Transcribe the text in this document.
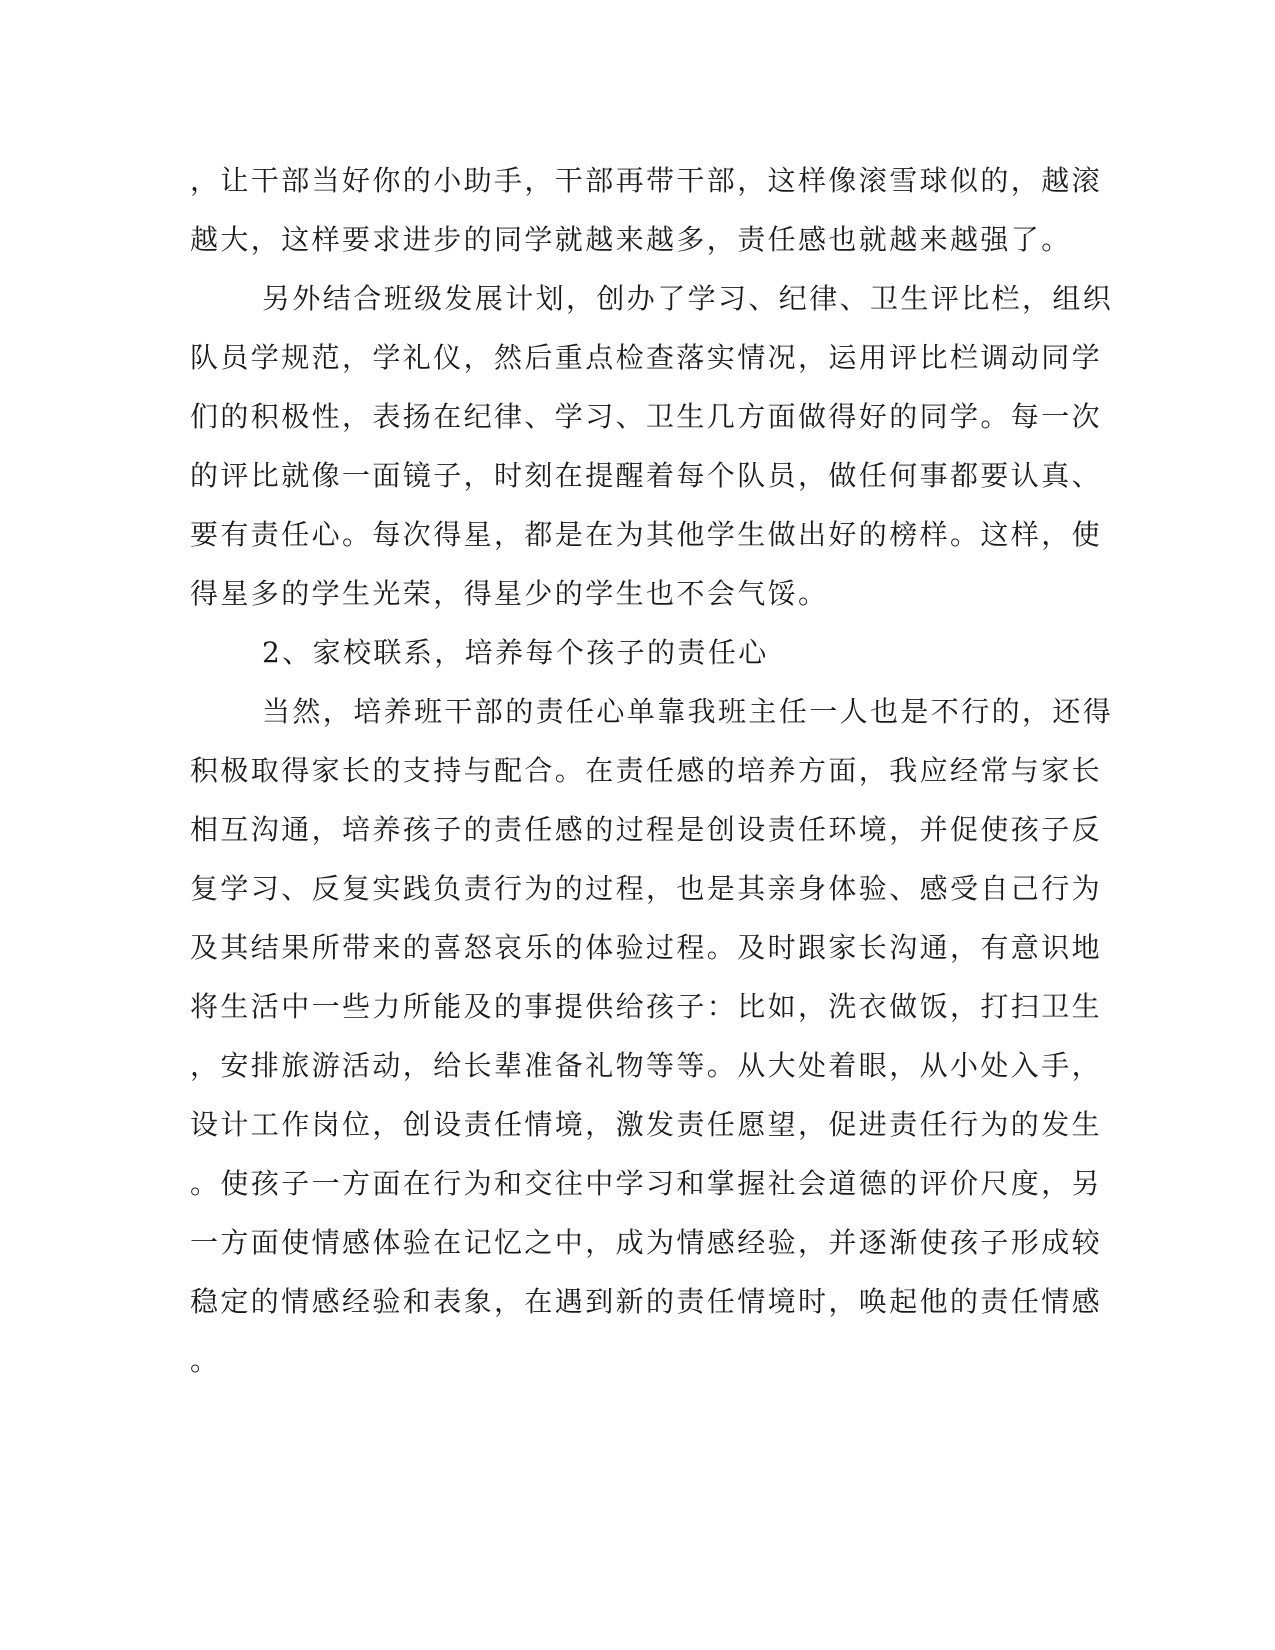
，让干部当好你的小助手，干部再带干部，这样像滚雪球似的，越滚
越大，这样要求进步的同学就越来越多，责任感也就越来越强了。
另外结合班级发展计划，创办了学习、纪律、卫生评比栏，组织
队员学规范，学礼仪，然后重点检查落实情况，运用评比栏调动同学
们的积极性，表扬在纪律、学习、卫生几方面做得好的同学。每一次
的评比就像一面镜子，时刻在提醒着每个队员，做任何事都要认真、
要有责任心。每次得星，都是在为其他学生做出好的榜样。这样，使
得星多的学生光荣，得星少的学生也不会气馁。
2、家校联系，培养每个孩子的责任心
当然，培养班干部的责任心单靠我班主任一人也是不行的，还得
积极取得家长的支持与配合。在责任感的培养方面，我应经常与家长
相互沟通，培养孩子的责任感的过程是创设责任环境，并促使孩子反
复学习、反复实践负责行为的过程，也是其亲身体验、感受自己行为
及其结果所带来的喜怒哀乐的体验过程。及时跟家长沟通，有意识地
将生活中一些力所能及的事提供给孩子：比如，洗衣做饭，打扫卫生
，安排旅游活动，给长辈准备礼物等等。从大处着眼，从小处入手，
设计工作岗位，创设责任情境，激发责任愿望，促进责任行为的发生
。使孩子一方面在行为和交往中学习和掌握社会道德的评价尺度，另
一方面使情感体验在记忆之中，成为情感经验，并逐渐使孩子形成较
稳定的情感经验和表象，在遇到新的责任情境时，唤起他的责任情感
。
